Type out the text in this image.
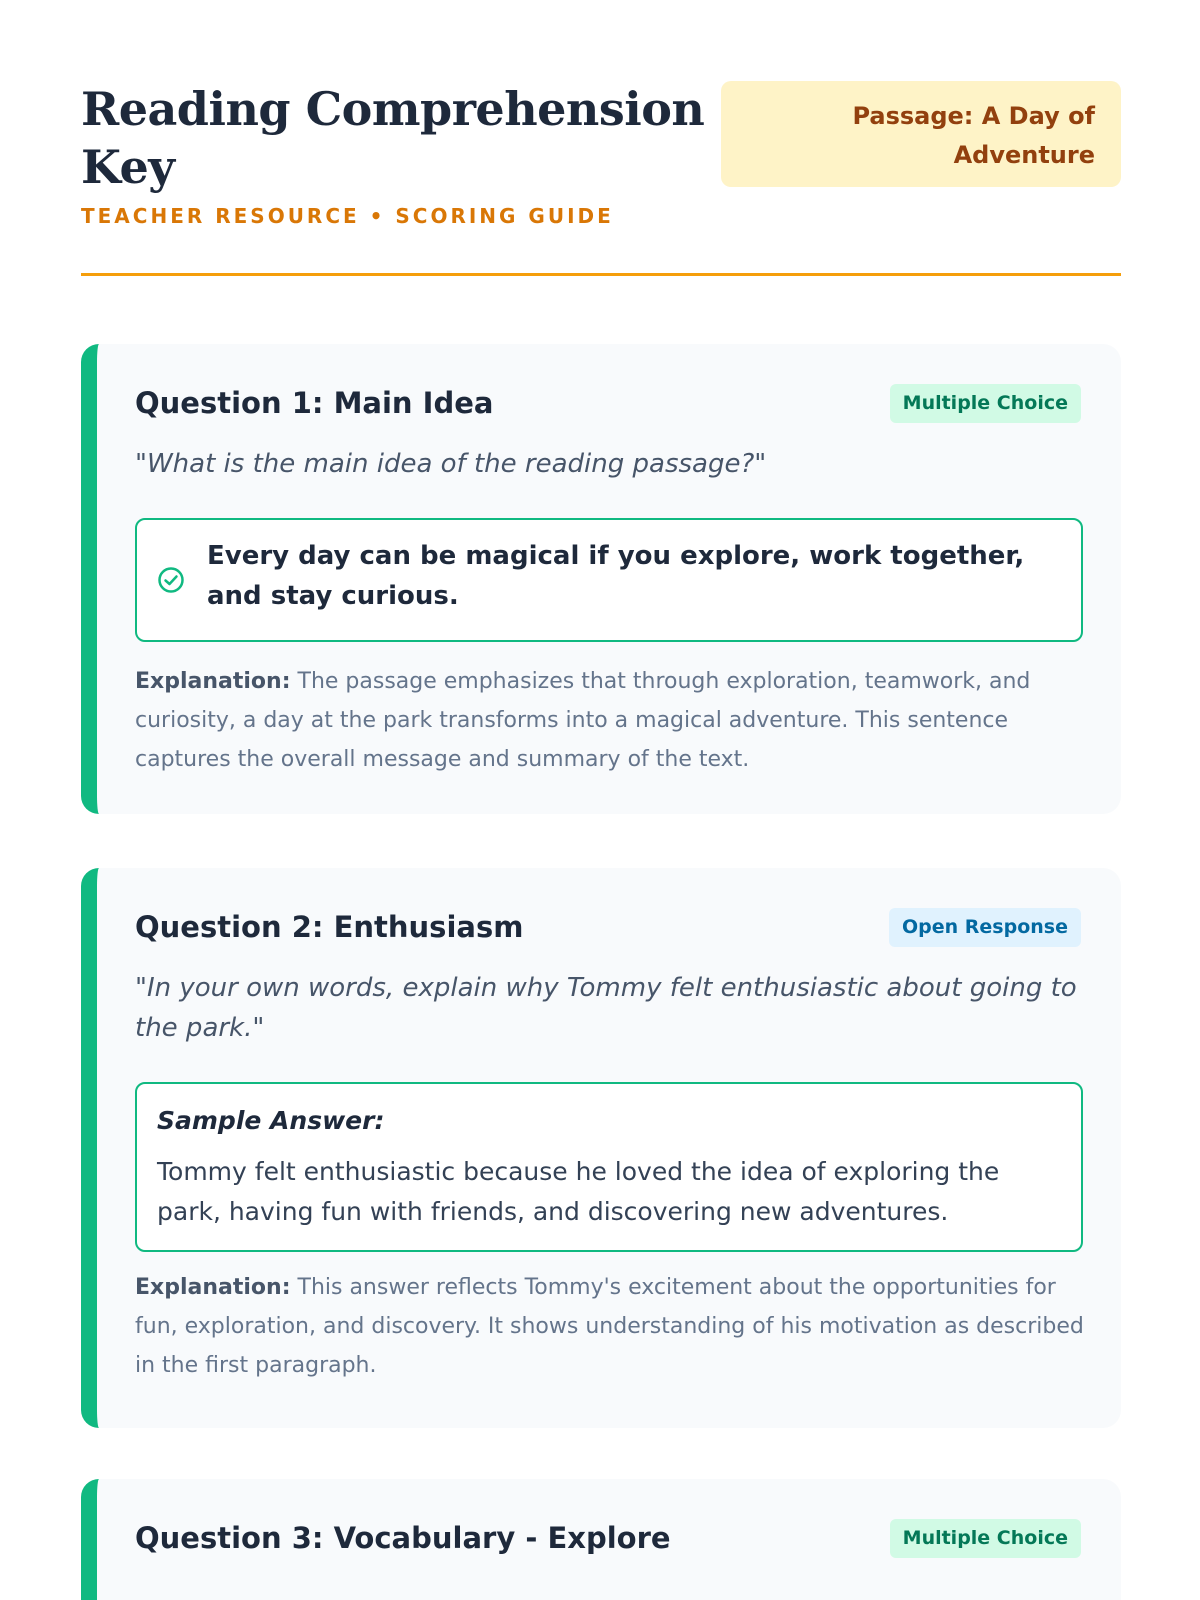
Reading Comprehension Key
TEACHER RESOURCE • SCORING GUIDE
Passage: A Day of Adventure
Question 1: Main Idea	Multiple Choice
"What is the main idea of the reading passage?"
Every day can be magical if you explore, work together, and stay curious.
Explanation: The passage emphasizes that through exploration, teamwork, and curiosity, a day at the park transforms into a magical adventure. This sentence captures the overall message and summary of the text.
Question 2: Enthusiasm	Open Response
"In your own words, explain why Tommy felt enthusiastic about going to the park."
Sample Answer:
Tommy felt enthusiastic because he loved the idea of exploring the park, having fun with friends, and discovering new adventures.
Explanation: This answer reflects Tommy's excitement about the opportunities for fun, exploration, and discovery. It shows understanding of his motivation as described in the first paragraph.
Question 3: Vocabulary - Explore	Multiple Choice
